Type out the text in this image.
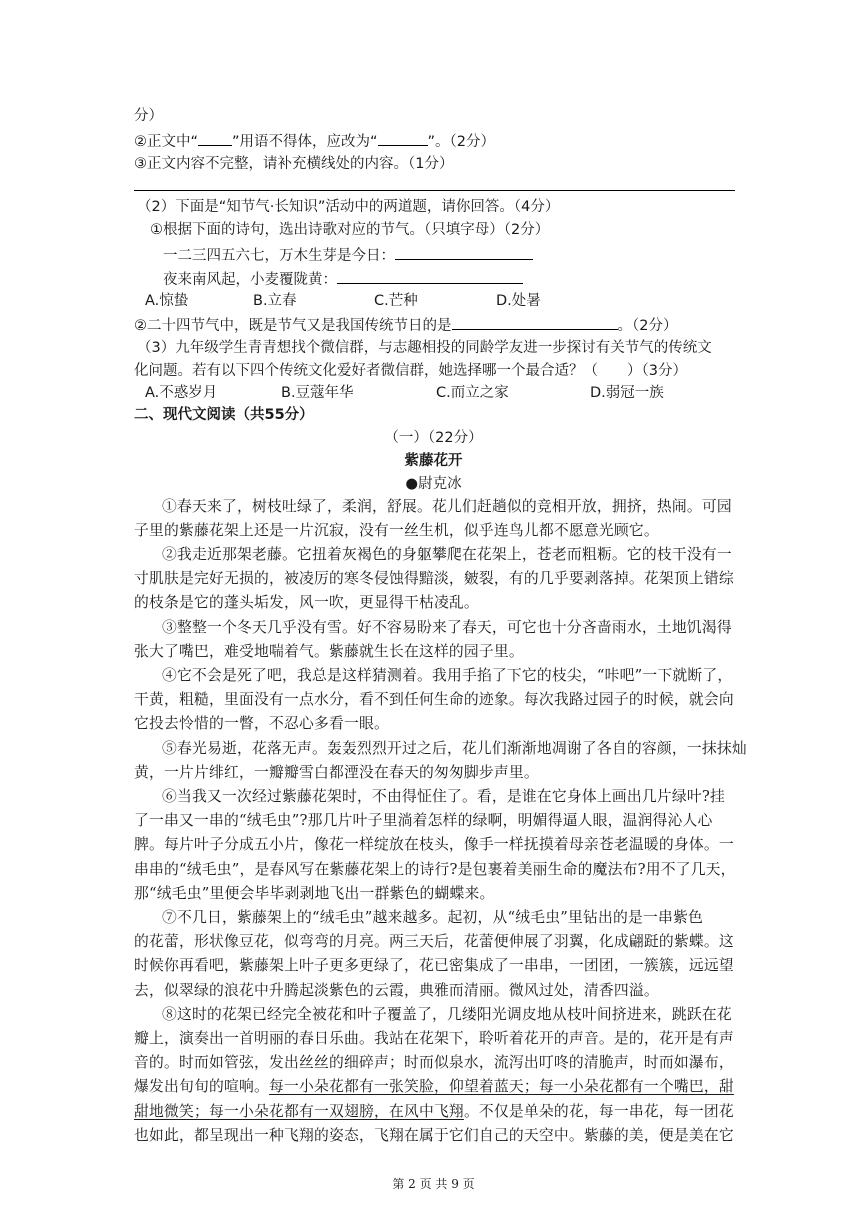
分）
②正文中“ ”用语不得体，应改为“	”。（2分）
③正文内容不完整，请补充横线处的内容。（1分）
（2）下面是“知节气·长知识”活动中的两道题，请你回答。（4分）
①根据下面的诗句，选出诗歌对应的节气。（只填字母）（2分）
一二三四五六七，万木生芽是今日：
夜来南风起，小麦覆陇黄：
A.惊蛰	B.立春	C.芒种	D.处暑
②二十四节气中，既是节气又是我国传统节日的是	。（2分）
（3）九年级学生青青想找个微信群，与志趣相投的同龄学友进一步探讨有关节气的传统文
化问题。若有以下四个传统文化爱好者微信群，她选择哪一个最合适？（　　）（3分）
A.不惑岁月	B.豆蔻年华	C.而立之家	D.弱冠一族
二、现代文阅读（共55分）
（一）（22分）
紫藤花开
●尉克冰
①春天来了，树枝吐绿了，柔润，舒展。花儿们赶趟似的竞相开放，拥挤，热闹。可园
子里的紫藤花架上还是一片沉寂，没有一丝生机，似乎连鸟儿都不愿意光顾它。
②我走近那架老藤。它扭着灰褐色的身躯攀爬在花架上，苍老而粗粝。它的枝干没有一
寸肌肤是完好无损的，被凌厉的寒冬侵蚀得黯淡，皴裂，有的几乎要剥落掉。花架顶上错综
的枝条是它的蓬头垢发，风一吹，更显得干枯凌乱。
③整整一个冬天几乎没有雪。好不容易盼来了春天，可它也十分吝啬雨水，土地饥渴得
张大了嘴巴，难受地喘着气。紫藤就生长在这样的园子里。
④它不会是死了吧，我总是这样猜测着。我用手掐了下它的枝尖，“咔吧”一下就断了，
干黄，粗糙，里面没有一点水分，看不到任何生命的迹象。每次我路过园子的时候，就会向
它投去怜惜的一瞥，不忍心多看一眼。
⑤春光易逝，花落无声。轰轰烈烈开过之后，花儿们渐渐地凋谢了各自的容颜，一抹抹灿
黄，一片片绯红，一瓣瓣雪白都湮没在春天的匆匆脚步声里。
⑥当我又一次经过紫藤花架时，不由得怔住了。看，是谁在它身体上画出几片绿叶?挂
了一串又一串的“绒毛虫”?那几片叶子里淌着怎样的绿啊，明媚得逼人眼，温润得沁人心
脾。每片叶子分成五小片，像花一样绽放在枝头，像手一样抚摸着母亲苍老温暖的身体。一
串串的“绒毛虫”，是春风写在紫藤花架上的诗行?是包裹着美丽生命的魔法布?用不了几天，
那“绒毛虫”里便会毕毕剥剥地飞出一群紫色的蝴蝶来。
⑦不几日，紫藤架上的“绒毛虫”越来越多。起初，从“绒毛虫”里钻出的是一串紫色
的花蕾，形状像豆花，似弯弯的月亮。两三天后，花蕾便伸展了羽翼，化成翩跹的紫蝶。这
时候你再看吧，紫藤架上叶子更多更绿了，花已密集成了一串串，一团团，一簇簇，远远望
去，似翠绿的浪花中升腾起淡紫色的云霞，典雅而清丽。微风过处，清香四溢。
⑧这时的花架已经完全被花和叶子覆盖了，几缕阳光调皮地从枝叶间挤进来，跳跃在花
瓣上，演奏出一首明丽的春日乐曲。我站在花架下，聆听着花开的声音。是的，花开是有声
音的。时而如管弦，发出丝丝的细碎声；时而似泉水，流泻出叮咚的清脆声，时而如瀑布，
爆发出旬旬的喧响。每一小朵花都有一张笑脸，仰望着蓝天；每一小朵花都有一个嘴巴，甜
甜地微笑；每一小朵花都有一双翅膀，在风中飞翔。不仅是单朵的花，每一串花，每一团花
也如此，都呈现出一种飞翔的姿态，飞翔在属于它们自己的天空中。紫藤的美，便是美在它
第 2 页 共 9 页
